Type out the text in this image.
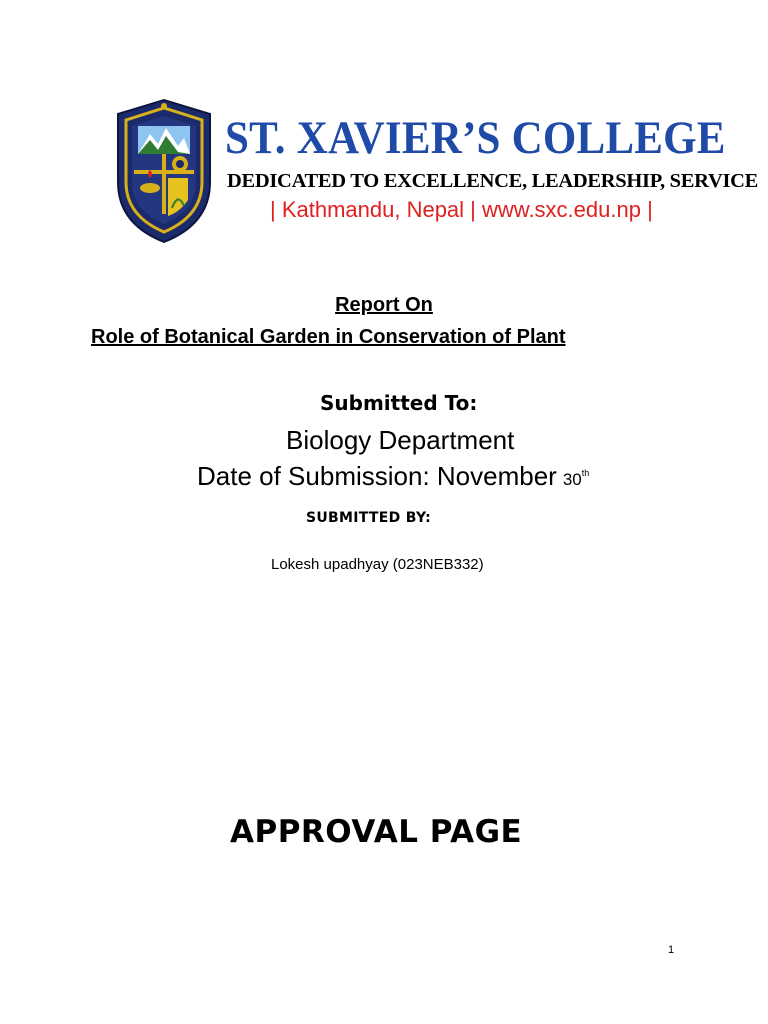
ST. XAVIER’S COLLEGE
DEDICATED TO EXCELLENCE, LEADERSHIP, SERVICE
| Kathmandu, Nepal | www.sxc.edu.np |
Report On
Role of Botanical Garden in Conservation of Plant
Submitted To:
Biology Department
Date of Submission: November 30th
SUBMITTED BY:
Lokesh upadhyay (023NEB332)
APPROVAL PAGE
1
